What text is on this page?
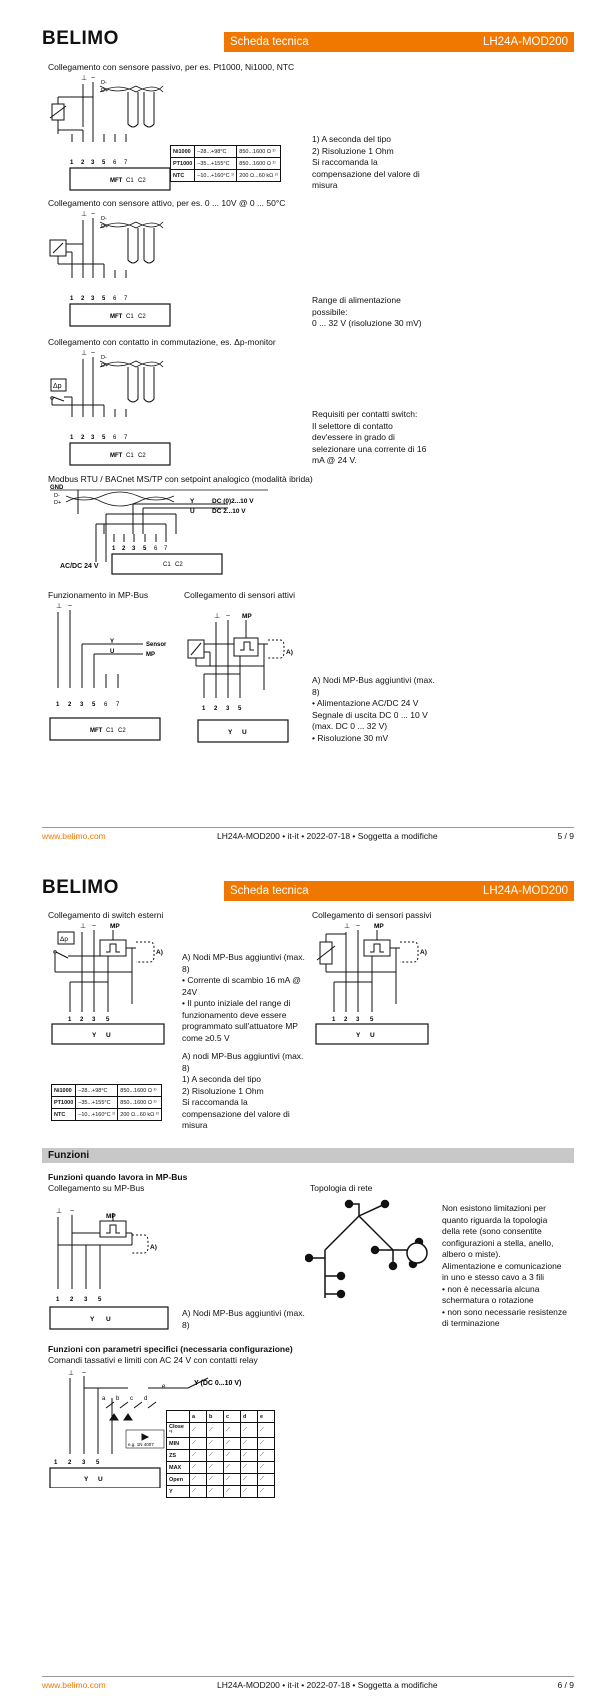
BELIMO	Scheda tecnica	LH24A-MOD200
Collegamento con sensore passivo, per es. Pt1000, Ni1000, NTC
⊥ ~
D-
D+
1 2 3 5 6 7
MFT C1 C2
Ni1000	–28...+98°C	850...1600 Ω ²⁾
PT1000	–35...+155°C	850...1600 Ω ²⁾
NTC	–10...+160°C ¹⁾	200 Ω...60 kΩ ²⁾
1) A seconda del tipo
2) Risoluzione 1 Ohm
Si raccomanda la
compensazione del valore di
misura
Collegamento con sensore attivo, per es. 0 ... 10V @ 0 ... 50°C
⊥ ~
D-
D+
1 2 3 5 6 7
MFT C1 C2
Range di alimentazione
possibile:
0 ... 32 V (risoluzione 30 mV)
Collegamento con contatto in commutazione, es. Δp-monitor
Δp
⊥ ~
D-
D+
1 2 3 5 6 7
MFT C1 C2
Requisiti per contatti switch:
Il selettore di contatto
dev'essere in grado di
selezionare una corrente di 16
mA @ 24 V.
Modbus RTU / BACnet MS/TP con setpoint analogico (modalità ibrida)
GND
D-
D+	Y	DC (0)2...10 V
U	DC 2...10 V
1 2 3 5 6 7
C1 C2
AC/DC 24 V
Funzionamento in MP-Bus
⊥ ~
Y	Sensor
U	MP
1 2 3 5 6 7
MFT C1 C2
Collegamento di sensori attivi
⊥ ~ MP
A)
1 2 3 5
Y U
A) Nodi MP-Bus aggiuntivi (max.
8)
• Alimentazione AC/DC 24 V
Segnale di uscita DC 0 ... 10 V
(max. DC 0 ... 32 V)
• Risoluzione 30 mV
www.belimo.com	LH24A-MOD200 • it-it • 2022-07-18 • Soggetta a modifiche	5 / 9
BELIMO	Scheda tecnica	LH24A-MOD200
Collegamento di switch esterni
Δp
⊥ ~ MP
A)
1 2 3 5
Y U
A) Nodi MP-Bus aggiuntivi (max.
8)
• Corrente di scambio 16 mA @
24V
• Il punto iniziale del range di
funzionamento deve essere
programmato sull'attuatore MP
come ≥0.5 V
A) nodi MP-Bus aggiuntivi (max.
8)
1) A seconda del tipo
2) Risoluzione 1 Ohm
Si raccomanda la
compensazione del valore di
misura
Ni1000	–28...+98°C	850...1600 Ω ²⁾
PT1000	–35...+155°C	850...1600 Ω ²⁾
NTC	–10...+160°C ¹⁾	200 Ω...60 kΩ ²⁾
Collegamento di sensori passivi
⊥ ~ MP
A)
1 2 3 5
Y U
Funzioni
Funzioni quando lavora in MP-Bus
Collegamento su MP-Bus
⊥ ~
MP
A)
1 2 3 5
Y U
A) Nodi MP-Bus aggiuntivi (max.
8)
Topologia di rete
Non esistono limitazioni per
quanto riguarda la topologia
della rete (sono consentite
configurazioni a stella, anello,
albero o miste).
Alimentazione e comunicazione
in uno e stesso cavo a 3 fili
• non è necessaria alcuna
schermatura o rotazione
• non sono necessarie resistenze
di terminazione
Funzioni con parametri specifici (necessaria configurazione)
Comandi tassativi e limiti con AC 24 V con contatti relay
⊥ ~
e	Y (DC 0...10 V)
a b c d
e.g. 1N 4007
1 2 3 5
Y U
	a	b	c	d	e
Close ¹⁾	⟋	⟋	⟋	⟋	⟋
MIN	⟋	⟋	⟋	⟋	⟋
ZS	⟋	⟋	⟋	⟋	⟋
MAX	⟋	⟋	⟋	⟋	⟋
Open	⟋	⟋	⟋	⟋	⟋
Y	⟋	⟋	⟋	⟋	⟋
www.belimo.com	LH24A-MOD200 • it-it • 2022-07-18 • Soggetta a modifiche	6 / 9
